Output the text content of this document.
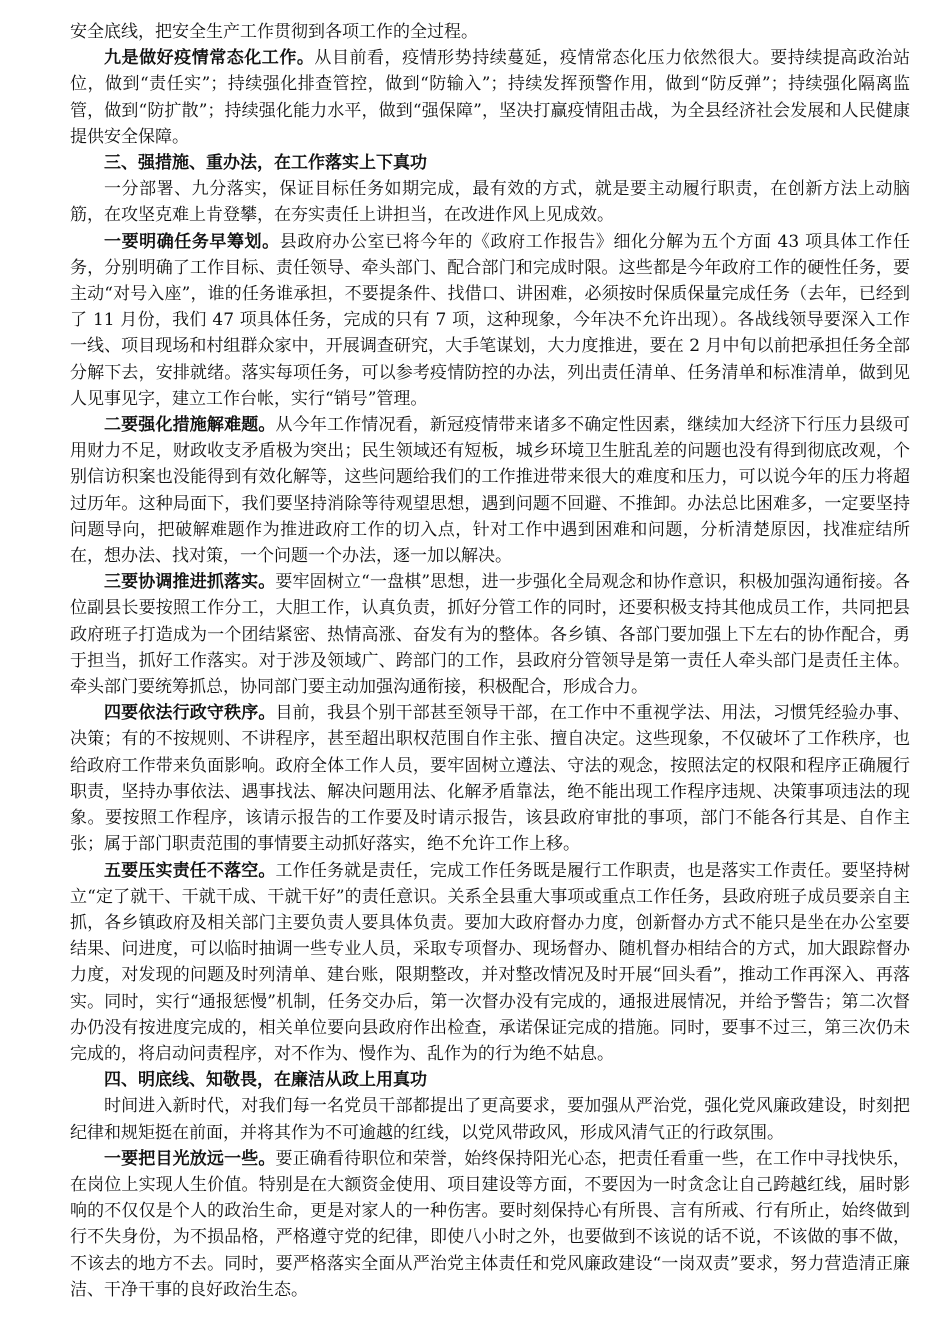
安全底线，把安全生产工作贯彻到各项工作的全过程。

九是做好疫情常态化工作。从目前看，疫情形势持续蔓延，疫情常态化压力依然很大。要持续提高政治站位，做到“责任实”；持续强化排查管控，做到“防输入”；持续发挥预警作用，做到“防反弹”；持续强化隔离监管，做到“防扩散”；持续强化能力水平，做到“强保障”，坚决打赢疫情阻击战，为全县经济社会发展和人民健康提供安全保障。

三、强措施、重办法，在工作落实上下真功

一分部署、九分落实，保证目标任务如期完成，最有效的方式，就是要主动履行职责，在创新方法上动脑筋，在攻坚克难上肯登攀，在夯实责任上讲担当，在改进作风上见成效。

一要明确任务早筹划。县政府办公室已将今年的《政府工作报告》细化分解为五个方面 43 项具体工作任务，分别明确了工作目标、责任领导、牵头部门、配合部门和完成时限。这些都是今年政府工作的硬性任务，要主动“对号入座”，谁的任务谁承担，不要提条件、找借口、讲困难，必须按时保质保量完成任务（去年，已经到了 11 月份，我们 47 项具体任务，完成的只有 7 项，这种现象，今年决不允许出现）。各战线领导要深入工作一线、项目现场和村组群众家中，开展调查研究，大手笔谋划，大力度推进，要在 2 月中旬以前把承担任务全部分解下去，安排就绪。落实每项任务，可以参考疫情防控的办法，列出责任清单、任务清单和标准清单，做到见人见事见字，建立工作台帐，实行“销号”管理。

二要强化措施解难题。从今年工作情况看，新冠疫情带来诸多不确定性因素，继续加大经济下行压力县级可用财力不足，财政收支矛盾极为突出；民生领域还有短板，城乡环境卫生脏乱差的问题也没有得到彻底改观，个别信访积案也没能得到有效化解等，这些问题给我们的工作推进带来很大的难度和压力，可以说今年的压力将超过历年。这种局面下，我们要坚持消除等待观望思想，遇到问题不回避、不推卸。办法总比困难多，一定要坚持问题导向，把破解难题作为推进政府工作的切入点，针对工作中遇到困难和问题，分析清楚原因，找准症结所在，想办法、找对策，一个问题一个办法，逐一加以解决。

三要协调推进抓落实。要牢固树立“一盘棋”思想，进一步强化全局观念和协作意识，积极加强沟通衔接。各位副县长要按照工作分工，大胆工作，认真负责，抓好分管工作的同时，还要积极支持其他成员工作，共同把县政府班子打造成为一个团结紧密、热情高涨、奋发有为的整体。各乡镇、各部门要加强上下左右的协作配合，勇于担当，抓好工作落实。对于涉及领域广、跨部门的工作，县政府分管领导是第一责任人牵头部门是责任主体。牵头部门要统筹抓总，协同部门要主动加强沟通衔接，积极配合，形成合力。

四要依法行政守秩序。目前，我县个别干部甚至领导干部，在工作中不重视学法、用法，习惯凭经验办事、决策；有的不按规则、不讲程序，甚至超出职权范围自作主张、擅自决定。这些现象，不仅破坏了工作秩序，也给政府工作带来负面影响。政府全体工作人员，要牢固树立遵法、守法的观念，按照法定的权限和程序正确履行职责，坚持办事依法、遇事找法、解决问题用法、化解矛盾靠法，绝不能出现工作程序违规、决策事项违法的现象。要按照工作程序，该请示报告的工作要及时请示报告，该县政府审批的事项，部门不能各行其是、自作主张；属于部门职责范围的事情要主动抓好落实，绝不允许工作上移。

五要压实责任不落空。工作任务就是责任，完成工作任务既是履行工作职责，也是落实工作责任。要坚持树立“定了就干、干就干成、干就干好”的责任意识。关系全县重大事项或重点工作任务，县政府班子成员要亲自主抓，各乡镇政府及相关部门主要负责人要具体负责。要加大政府督办力度，创新督办方式不能只是坐在办公室要结果、问进度，可以临时抽调一些专业人员，采取专项督办、现场督办、随机督办相结合的方式，加大跟踪督办力度，对发现的问题及时列清单、建台账，限期整改，并对整改情况及时开展“回头看”，推动工作再深入、再落实。同时，实行“通报惩慢”机制，任务交办后，第一次督办没有完成的，通报进展情况，并给予警告；第二次督办仍没有按进度完成的，相关单位要向县政府作出检查，承诺保证完成的措施。同时，要事不过三，第三次仍未完成的，将启动问责程序，对不作为、慢作为、乱作为的行为绝不姑息。

四、明底线、知敬畏，在廉洁从政上用真功

时间进入新时代，对我们每一名党员干部都提出了更高要求，要加强从严治党，强化党风廉政建设，时刻把纪律和规矩挺在前面，并将其作为不可逾越的红线，以党风带政风，形成风清气正的行政氛围。

一要把目光放远一些。要正确看待职位和荣誉，始终保持阳光心态，把责任看重一些，在工作中寻找快乐，在岗位上实现人生价值。特别是在大额资金使用、项目建设等方面，不要因为一时贪念让自己跨越红线，届时影响的不仅仅是个人的政治生命，更是对家人的一种伤害。要时刻保持心有所畏、言有所戒、行有所止，始终做到行不失身份，为不损品格，严格遵守党的纪律，即使八小时之外，也要做到不该说的话不说，不该做的事不做，不该去的地方不去。同时，要严格落实全面从严治党主体责任和党风廉政建设“一岗双责”要求，努力营造清正廉洁、干净干事的良好政治生态。
